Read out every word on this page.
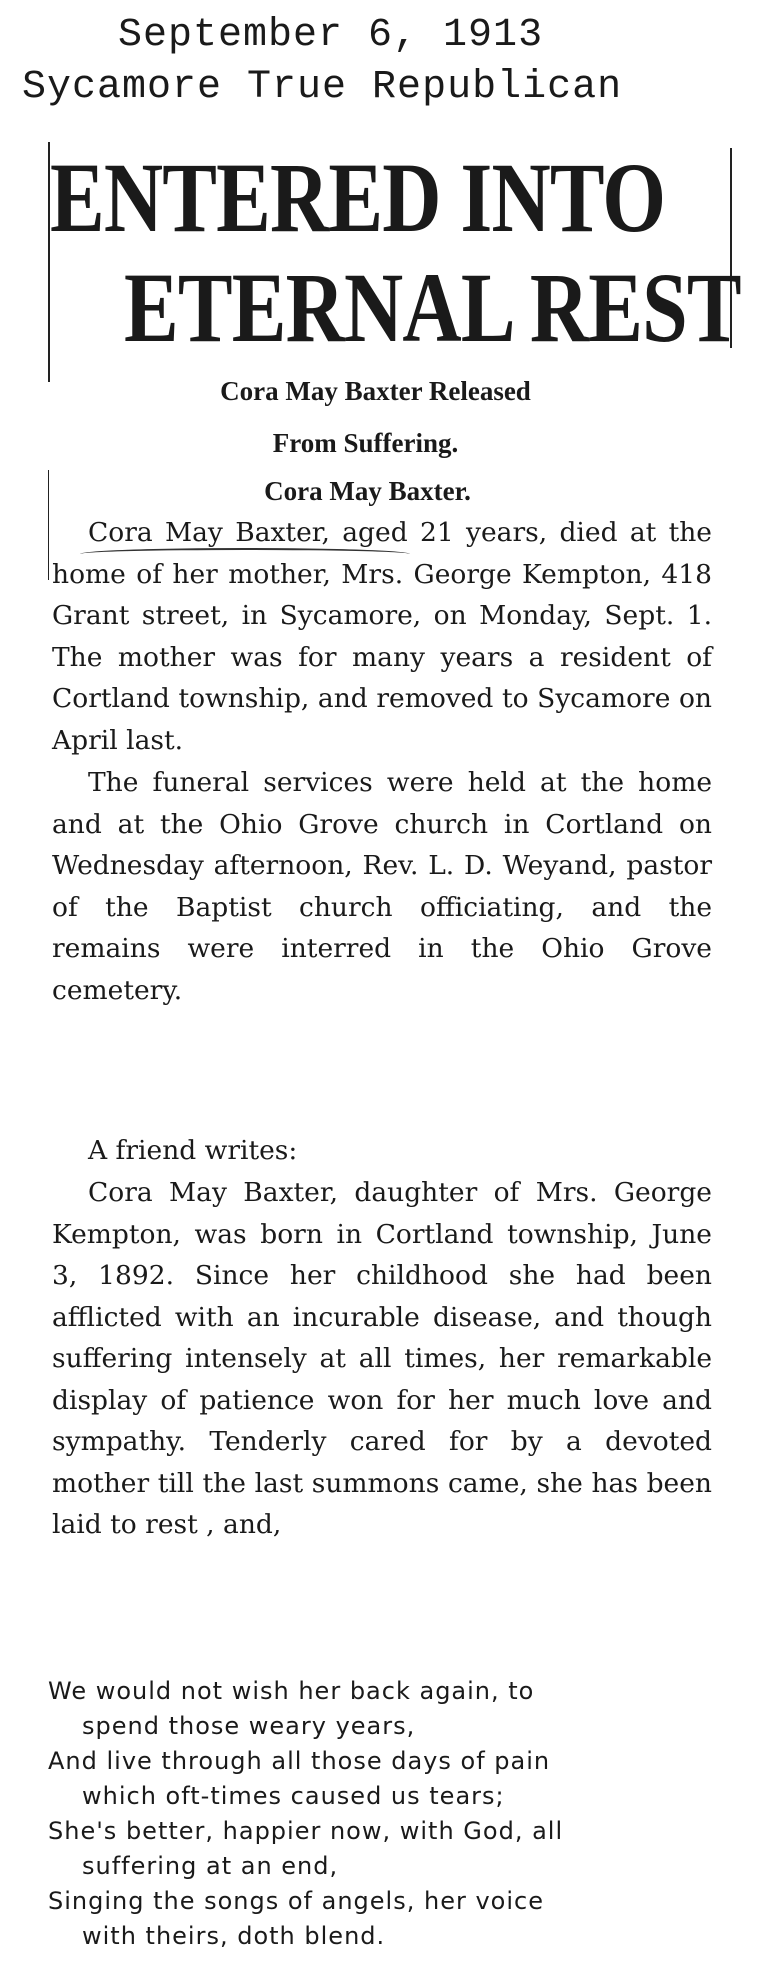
September 6, 1913
Sycamore True Republican
ENTERED INTO
ETERNAL REST
Cora May Baxter Released
From Suffering.
Cora May Baxter.

Cora May Baxter, aged 21 years, died at the home of her mother, Mrs. George Kempton, 418 Grant street, in Sycamore, on Monday, Sept. 1. The mother was for many years a resident of Cortland township, and removed to Sycamore on April last.

The funeral services were held at the home and at the Ohio Grove church in Cortland on Wednesday afternoon, Rev. L. D. Weyand, pastor of the Baptist church officiating, and the remains were interred in the Ohio Grove cemetery.

A friend writes:

Cora May Baxter, daughter of Mrs. George Kempton, was born in Cortland township, June 3, 1892. Since her childhood she had been afflicted with an incurable disease, and though suffering intensely at all times, her remarkable display of patience won for her much love and sympathy. Tenderly cared for by a devoted mother till the last summons came, she has been laid to rest , and,

We would not wish her back again, to

spend those weary years,

And live through all those days of pain

which oft-times caused us tears;

She's better, happier now, with God, all

suffering at an end,

Singing the songs of angels, her voice

with theirs, doth blend.
